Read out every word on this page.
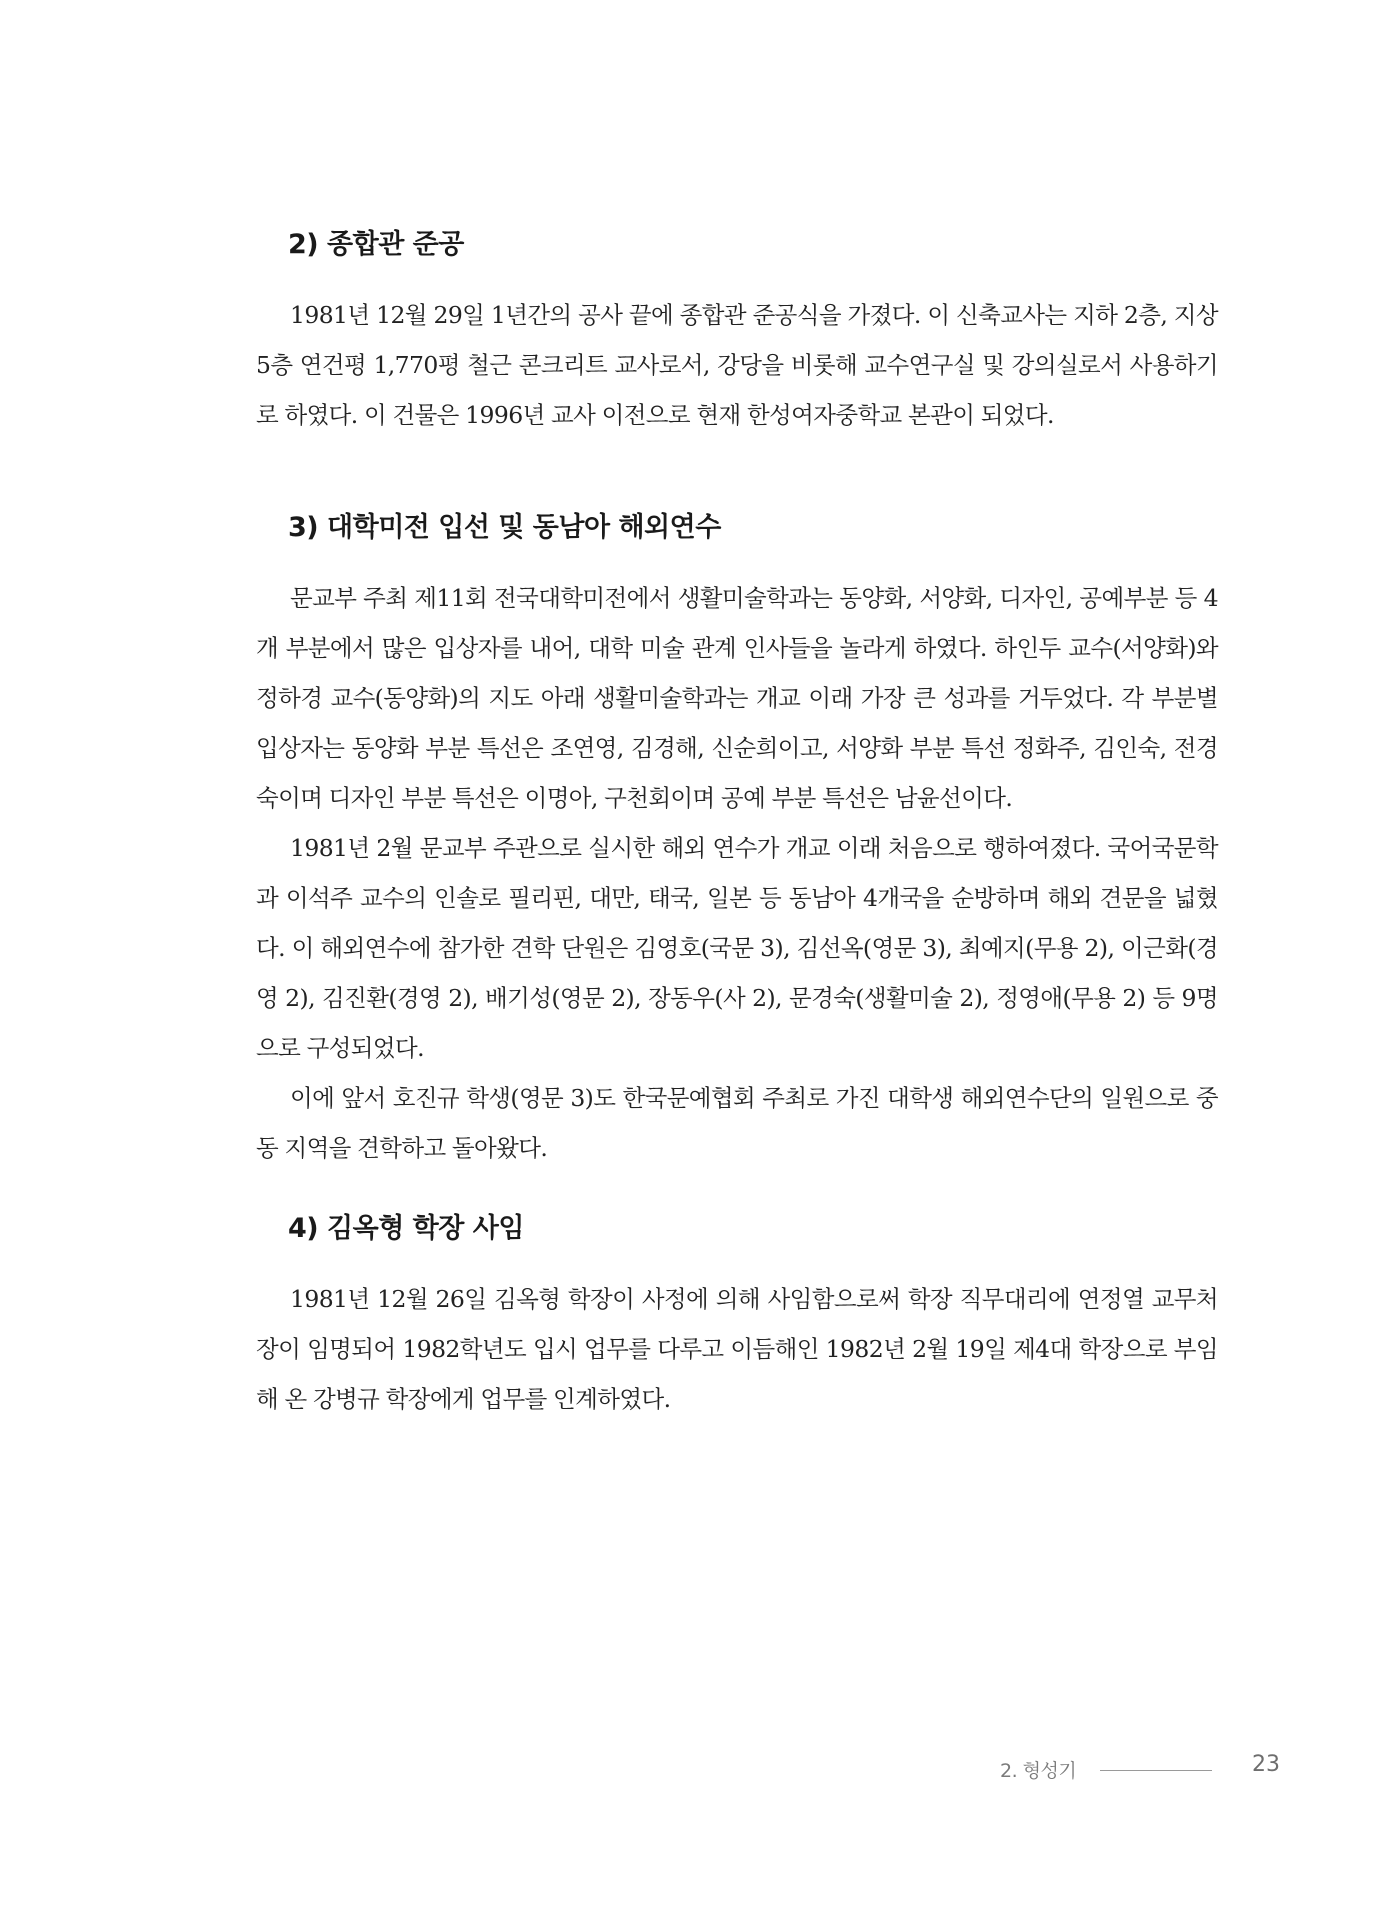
2) 종합관 준공

1981년 12월 29일 1년간의 공사 끝에 종합관 준공식을 가졌다. 이 신축교사는 지하 2층, 지상 5층 연건평 1,770평 철근 콘크리트 교사로서, 강당을 비롯해 교수연구실 및 강의실로서 사용하기로 하였다. 이 건물은 1996년 교사 이전으로 현재 한성여자중학교 본관이 되었다.

3) 대학미전 입선 및 동남아 해외연수

문교부 주최 제11회 전국대학미전에서 생활미술학과는 동양화, 서양화, 디자인, 공예부분 등 4개 부분에서 많은 입상자를 내어, 대학 미술 관계 인사들을 놀라게 하였다. 하인두 교수(서양화)와 정하경 교수(동양화)의 지도 아래 생활미술학과는 개교 이래 가장 큰 성과를 거두었다. 각 부분별 입상자는 동양화 부분 특선은 조연영, 김경해, 신순희이고, 서양화 부분 특선 정화주, 김인숙, 전경숙이며 디자인 부분 특선은 이명아, 구천회이며 공예 부분 특선은 남윤선이다.

1981년 2월 문교부 주관으로 실시한 해외 연수가 개교 이래 처음으로 행하여졌다. 국어국문학과 이석주 교수의 인솔로 필리핀, 대만, 태국, 일본 등 동남아 4개국을 순방하며 해외 견문을 넓혔다. 이 해외연수에 참가한 견학 단원은 김영호(국문 3), 김선옥(영문 3), 최예지(무용 2), 이근화(경영 2), 김진환(경영 2), 배기성(영문 2), 장동우(사 2), 문경숙(생활미술 2), 정영애(무용 2) 등 9명으로 구성되었다.

이에 앞서 호진규 학생(영문 3)도 한국문예협회 주최로 가진 대학생 해외연수단의 일원으로 중동 지역을 견학하고 돌아왔다.

4) 김옥형 학장 사임

1981년 12월 26일 김옥형 학장이 사정에 의해 사임함으로써 학장 직무대리에 연정열 교무처장이 임명되어 1982학년도 입시 업무를 다루고 이듬해인 1982년 2월 19일 제4대 학장으로 부임해 온 강병규 학장에게 업무를 인계하였다.

2. 형성기	23
